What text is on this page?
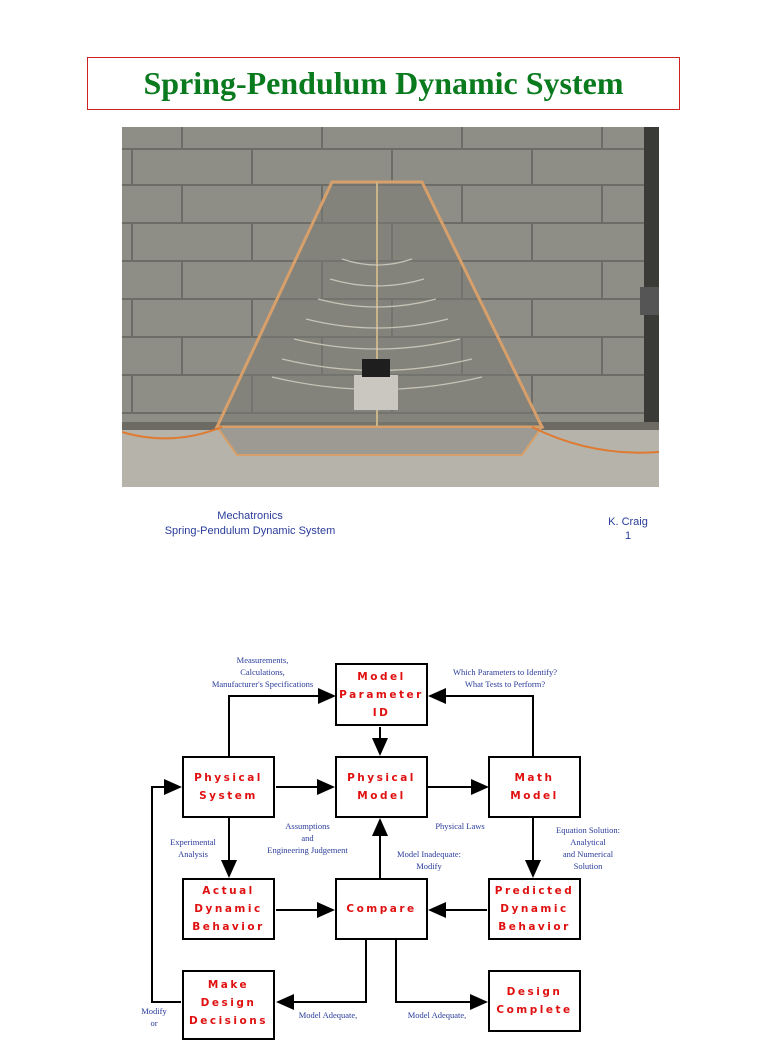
Spring-Pendulum Dynamic System
Mechatronics
Spring-Pendulum Dynamic System
K. Craig
1
Model
Parameter
ID
Physical
System
Physical
Model
Math
Model
Actual
Dynamic
Behavior
Compare
Predicted
Dynamic
Behavior
Make
Design
Decisions
Design
Complete
Measurements,
Calculations,
Manufacturer's Specifications
Which Parameters to Identify?
What Tests to Perform?
Experimental
Analysis
Assumptions
and
Engineering Judgement
Physical Laws	Equation Solution:
Analytical
and Numerical
Solution
Model Inadequate:
Modify
Modify
or
Model Adequate,	Model Adequate,
